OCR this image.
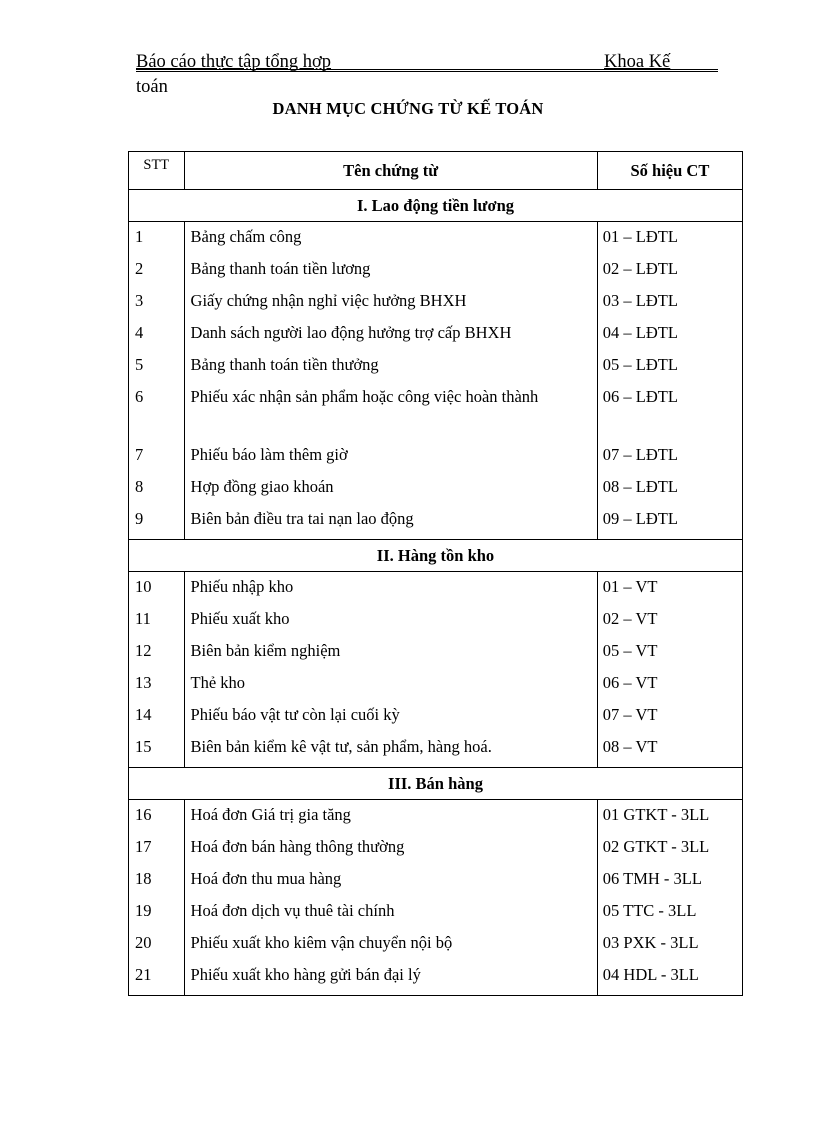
Báo cáo thực tập tổng hợp	Khoa Kế
toán
DANH MỤC CHỨNG TỪ KẾ TOÁN
STT	Tên chứng từ	Số hiệu CT
I. Lao động tiền lương		
1	Bảng chấm công	01 – LĐTL
2	Bảng thanh toán tiền lương	02 – LĐTL
3	Giấy chứng nhận nghỉ việc hưởng BHXH	03 – LĐTL
4	Danh sách người lao động hưởng trợ cấp BHXH	04 – LĐTL
5	Bảng thanh toán tiền thưởng	05 – LĐTL
6	Phiếu xác nhận sản phẩm hoặc công việc hoàn thành	06 – LĐTL
7	Phiếu báo làm thêm giờ	07 – LĐTL
8	Hợp đồng giao khoán	08 – LĐTL
9	Biên bản điều tra tai nạn lao động	09 – LĐTL
II. Hàng tồn kho		
10	Phiếu nhập kho	01 – VT
11	Phiếu xuất kho	02 – VT
12	Biên bản kiểm nghiệm	05 – VT
13	Thẻ kho	06 – VT
14	Phiếu báo vật tư còn lại cuối kỳ	07 – VT
15	Biên bản kiểm kê vật tư, sản phẩm, hàng hoá.	08 – VT
III. Bán hàng		
16	Hoá đơn Giá trị gia tăng	01 GTKT - 3LL
17	Hoá đơn bán hàng thông thường	02 GTKT - 3LL
18	Hoá đơn thu mua hàng	06 TMH - 3LL
19	Hoá đơn dịch vụ thuê tài chính	05 TTC - 3LL
20	Phiếu xuất kho kiêm vận chuyển nội bộ	03 PXK - 3LL
21	Phiếu xuất kho hàng gửi bán đại lý	04 HDL - 3LL
